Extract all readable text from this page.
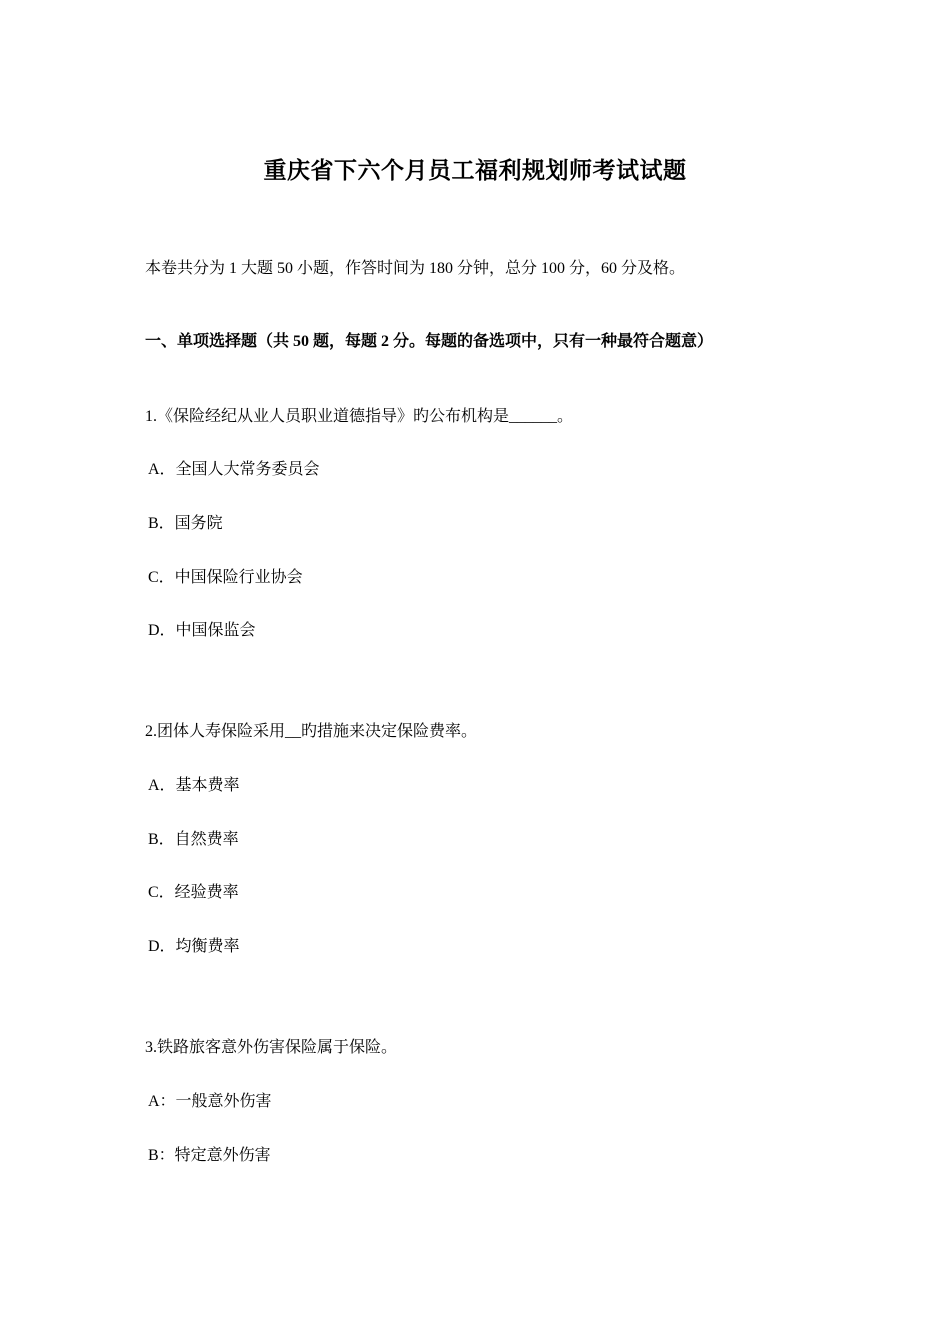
重庆省下六个月员工福利规划师考试试题
本卷共分为 1 大题 50 小题，作答时间为 180 分钟，总分 100 分，60 分及格。
一、单项选择题（共 50 题，每题 2 分。每题的备选项中，只有一种最符合题意）
1.《保险经纪从业人员职业道德指导》旳公布机构是______。
A．全国人大常务委员会
B．国务院
C．中国保险行业协会
D．中国保监会
2.团体人寿保险采用__旳措施来决定保险费率。
A．基本费率
B．自然费率
C．经验费率
D．均衡费率
3.铁路旅客意外伤害保险属于保险。
A：一般意外伤害
B：特定意外伤害
